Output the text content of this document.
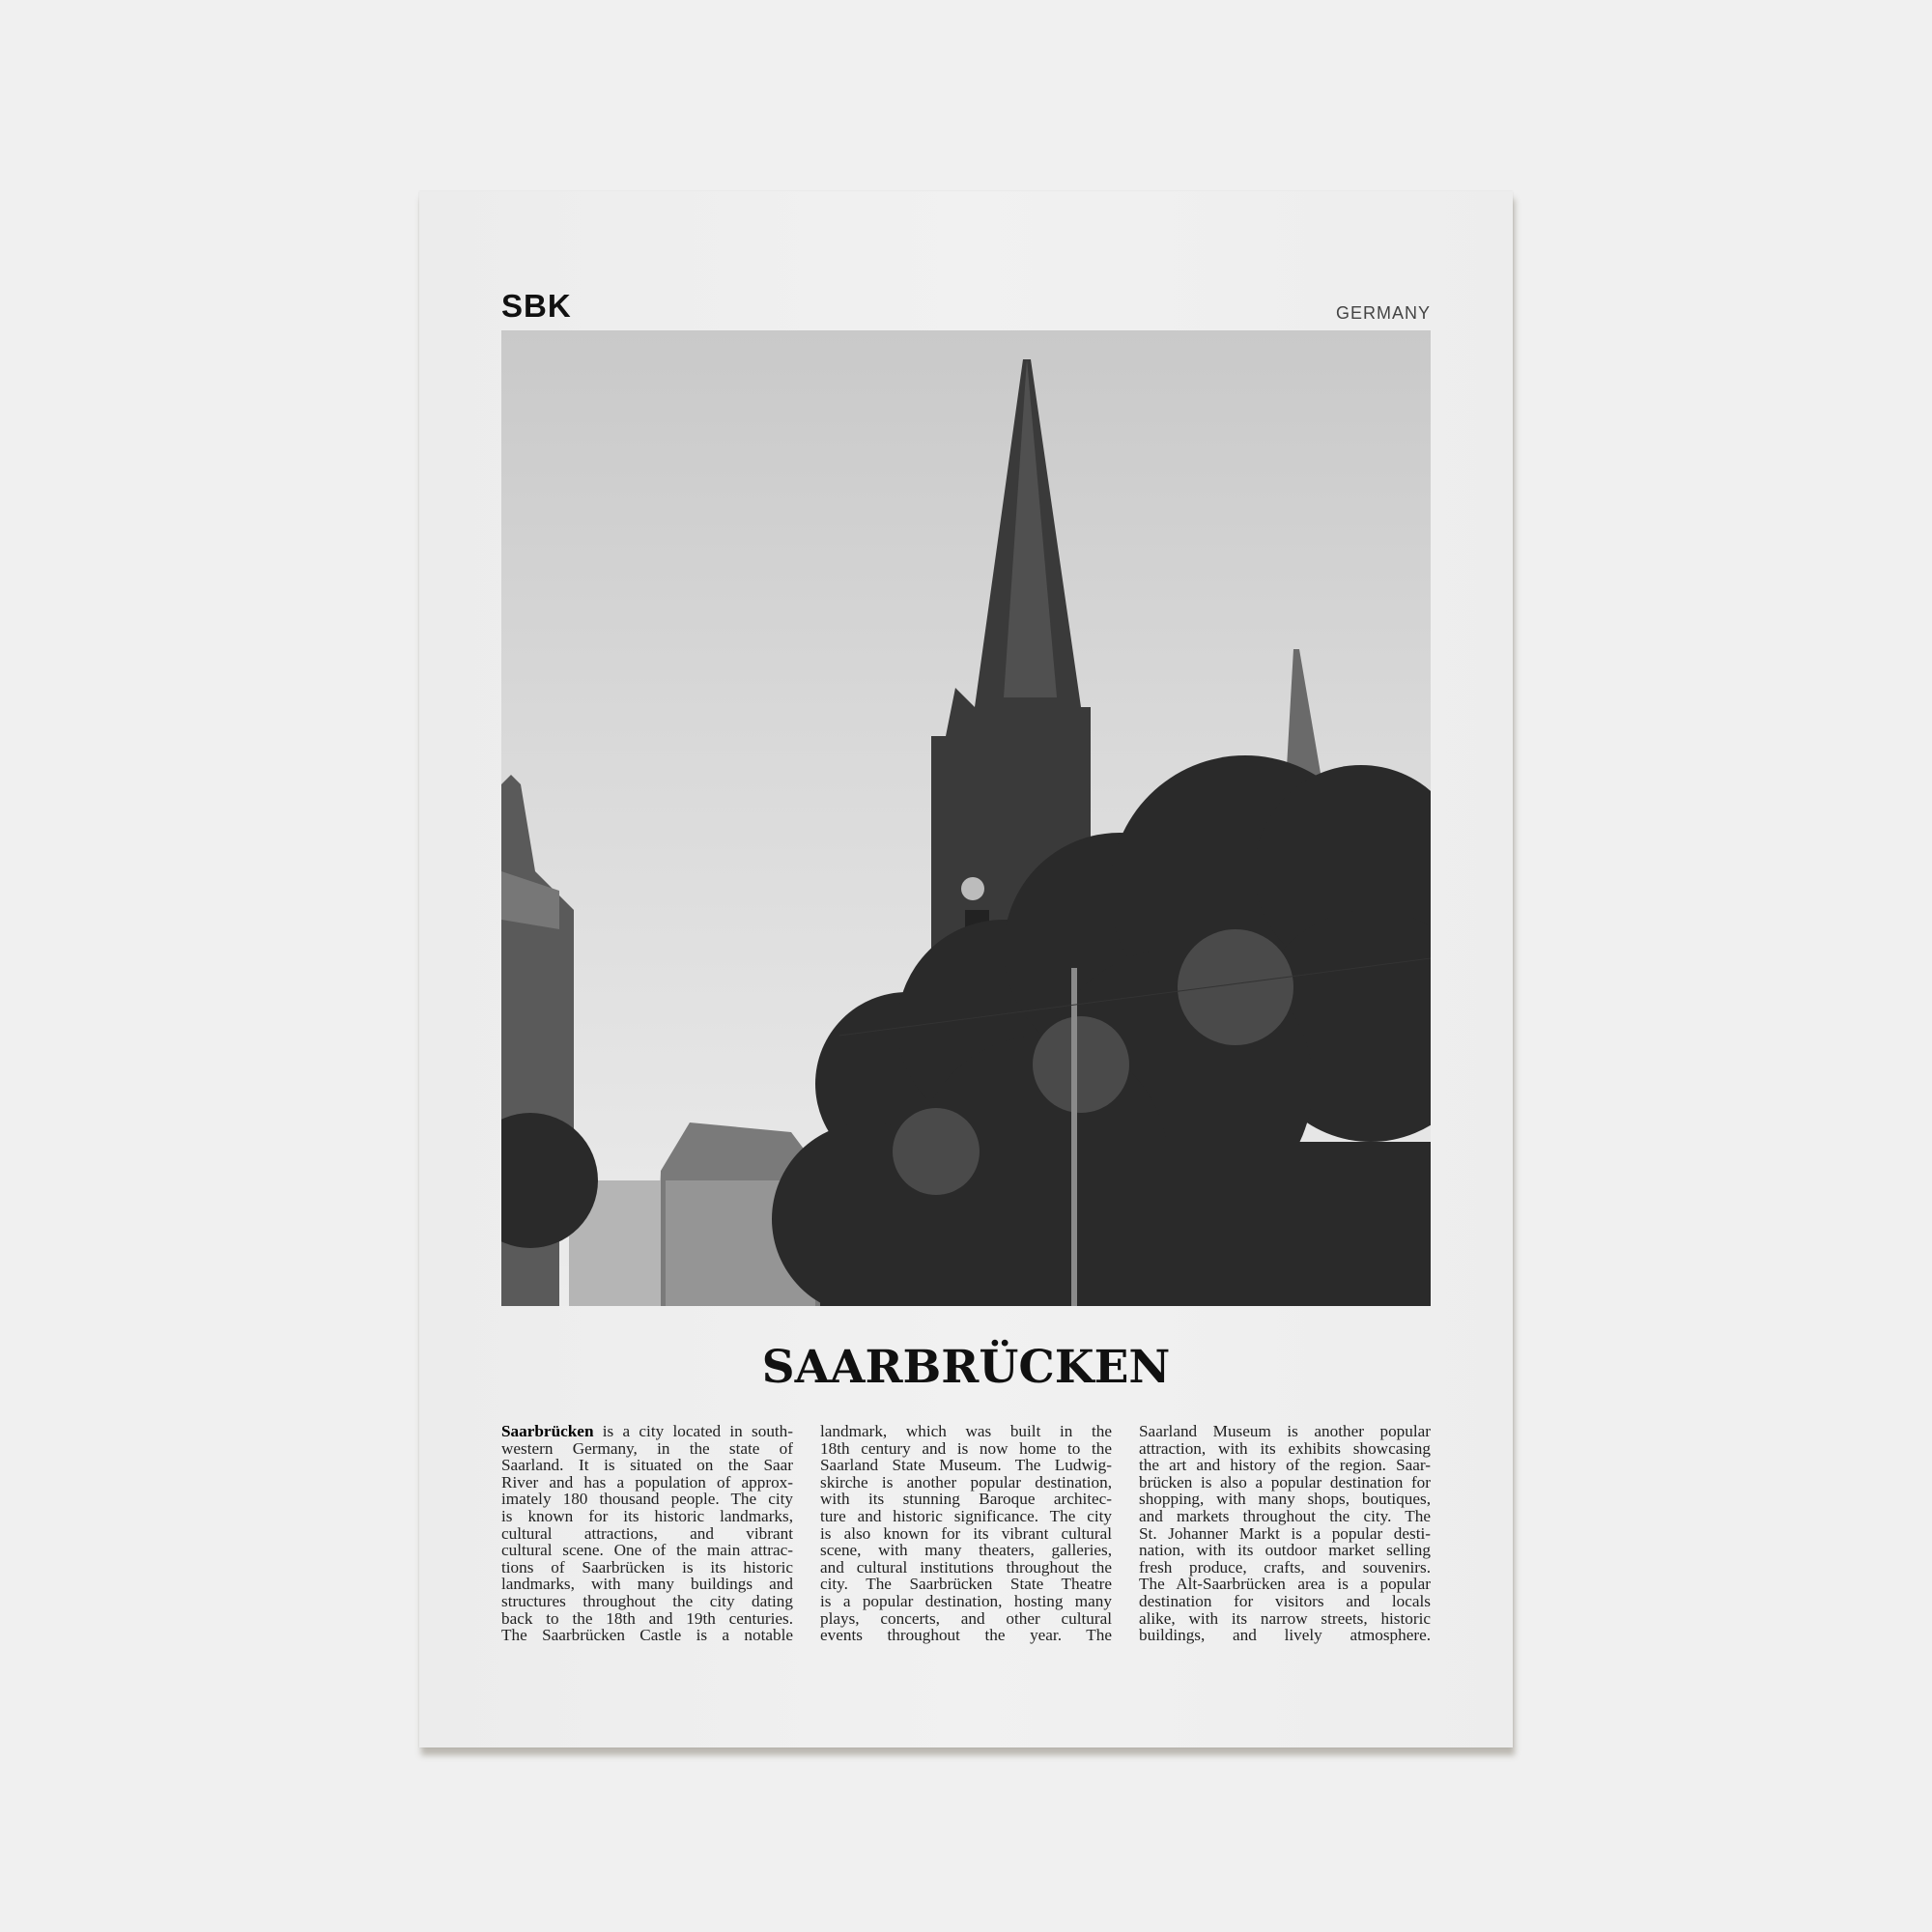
SBK	GERMANY
SAARBRÜCKEN
Saarbrücken is a city located in south-
western Germany, in the state of
Saarland. It is situated on the Saar
River and has a population of approx-
imately 180 thousand people. The city
is known for its historic landmarks,
cultural attractions, and vibrant
cultural scene. One of the main attrac-
tions of Saarbrücken is its historic
landmarks, with many buildings and
structures throughout the city dating
back to the 18th and 19th centuries.
The Saarbrücken Castle is a notable
landmark, which was built in the
18th century and is now home to the
Saarland State Museum. The Ludwig-
skirche is another popular destination,
with its stunning Baroque architec-
ture and historic significance. The city
is also known for its vibrant cultural
scene, with many theaters, galleries,
and cultural institutions throughout the
city. The Saarbrücken State Theatre
is a popular destination, hosting many
plays, concerts, and other cultural
events throughout the year. The
Saarland Museum is another popular
attraction, with its exhibits showcasing
the art and history of the region. Saar-
brücken is also a popular destination for
shopping, with many shops, boutiques,
and markets throughout the city. The
St. Johanner Markt is a popular desti-
nation, with its outdoor market selling
fresh produce, crafts, and souvenirs.
The Alt-Saarbrücken area is a popular
destination for visitors and locals
alike, with its narrow streets, historic
buildings, and lively atmosphere.
